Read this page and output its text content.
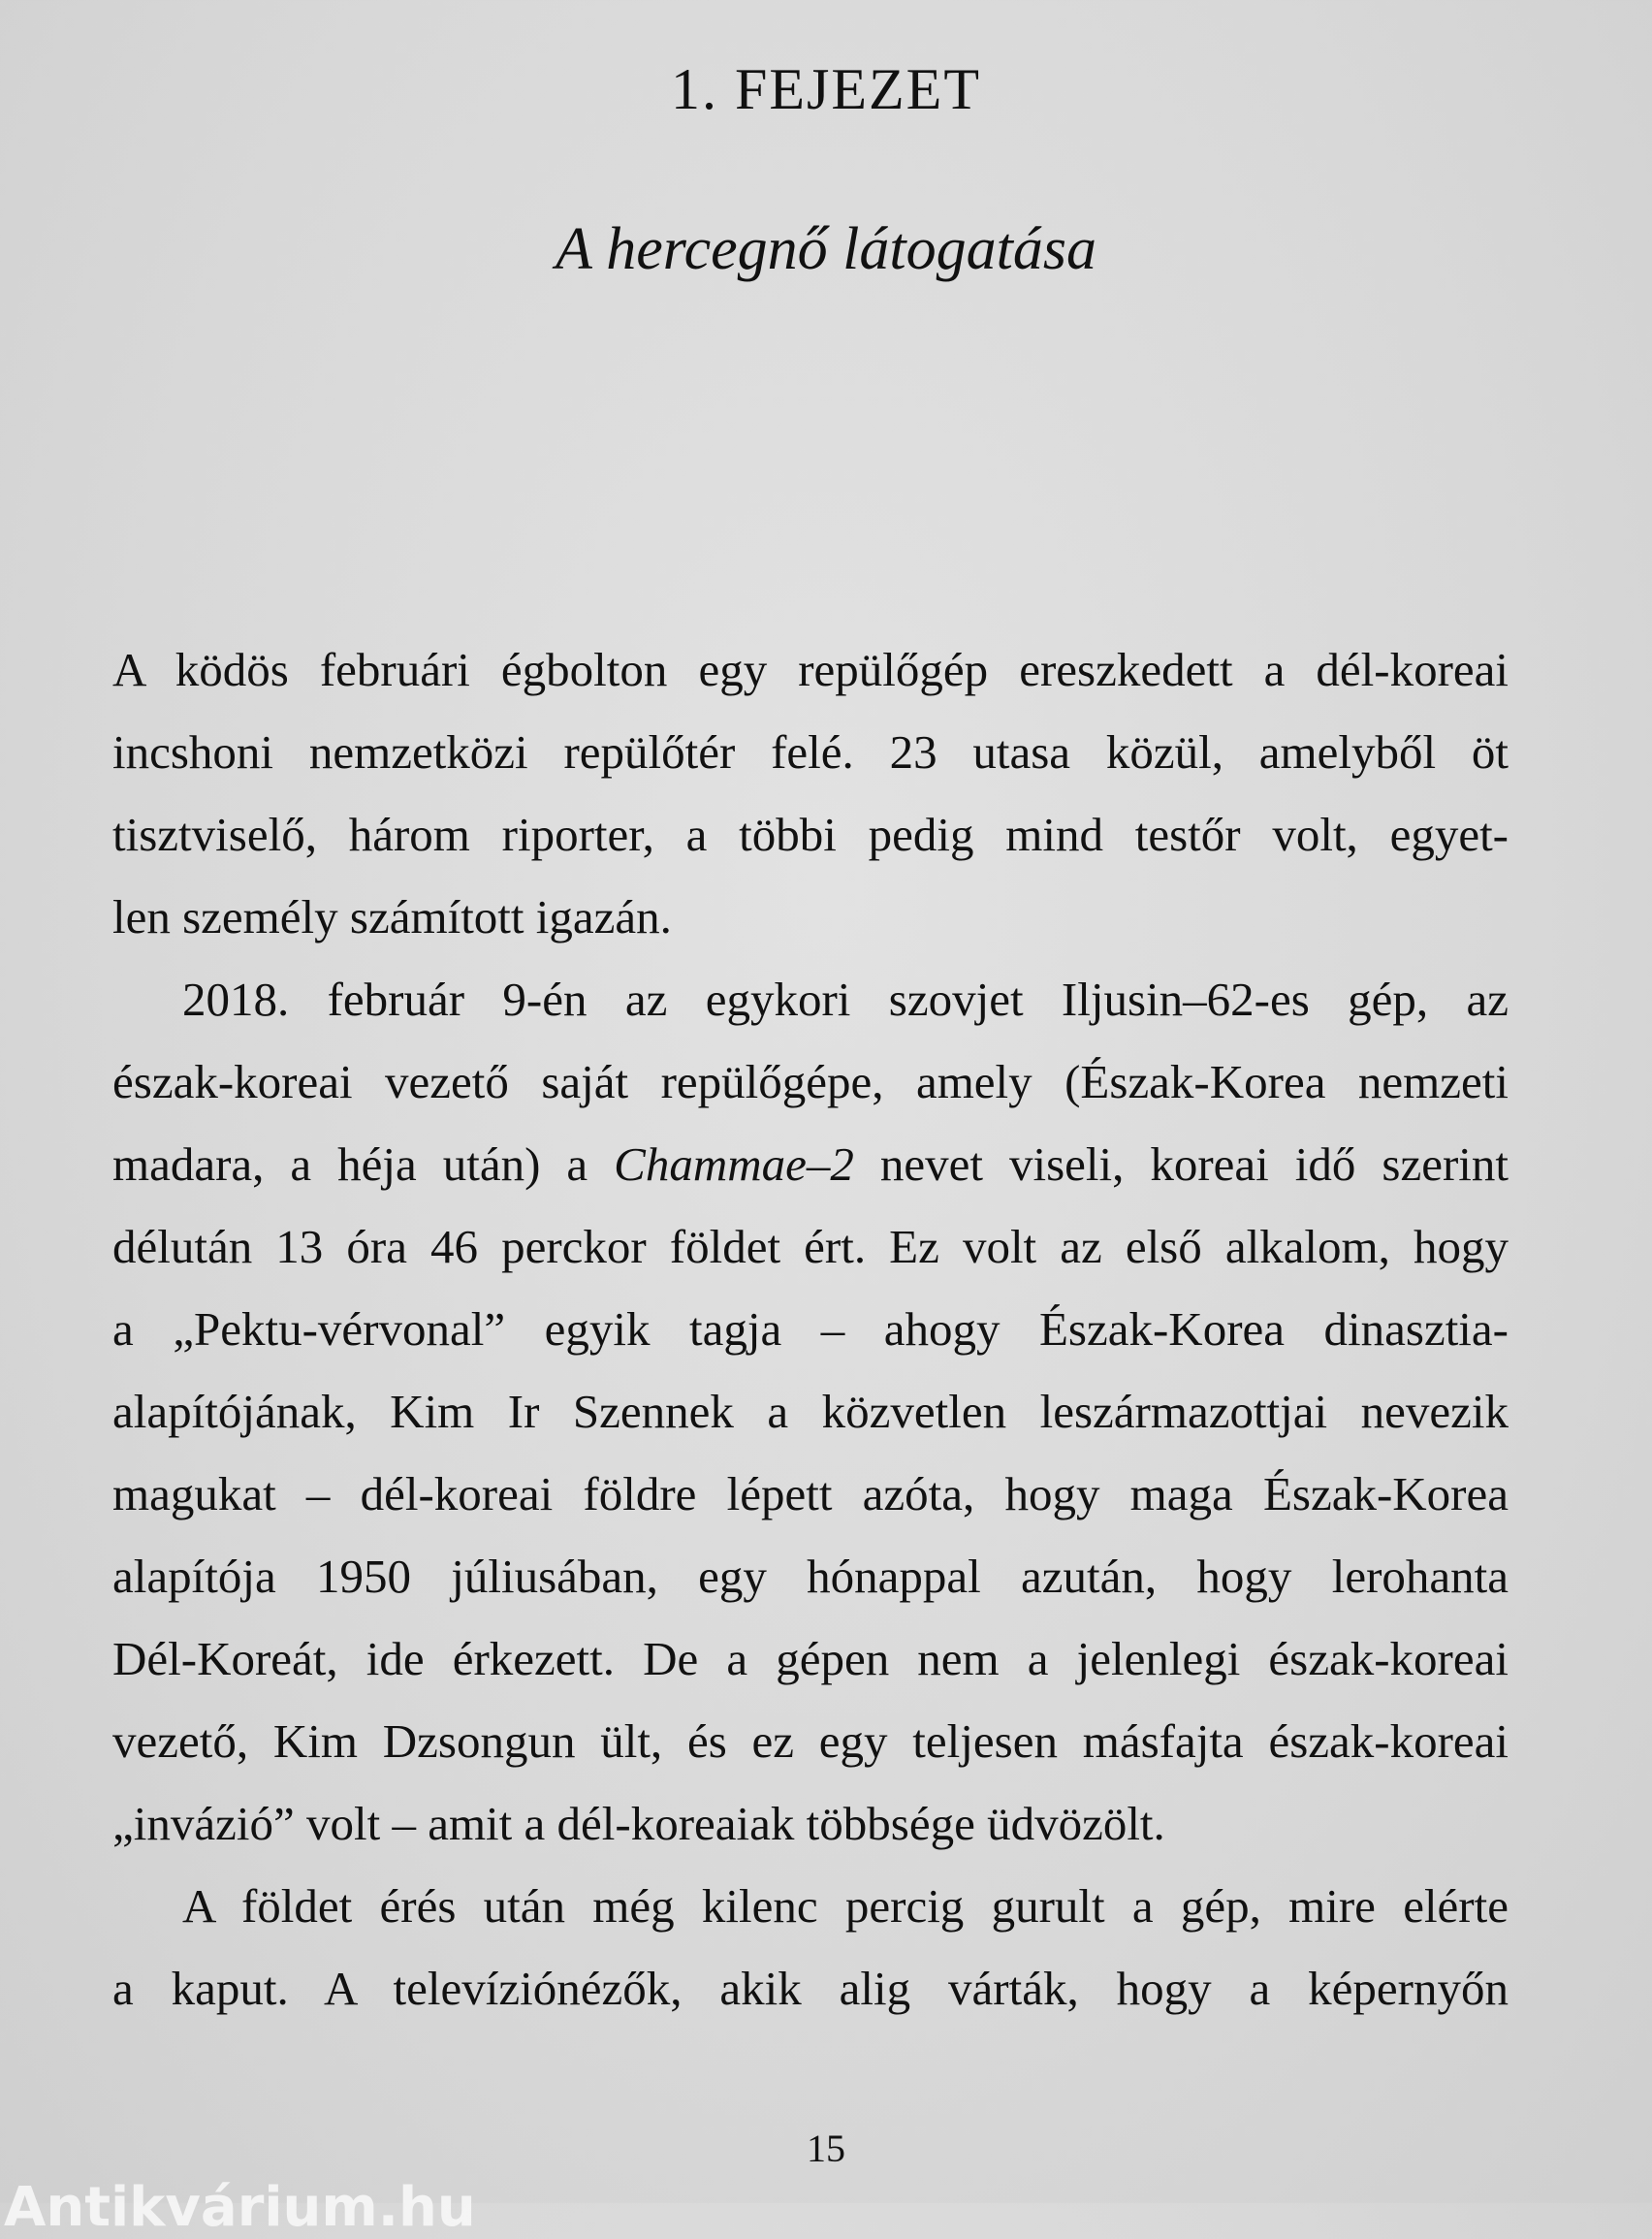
1. FEJEZET
A hercegnő látogatása
A ködös februári égbolton egy repülőgép ereszkedett a dél-koreai
incshoni nemzetközi repülőtér felé. 23 utasa közül, amelyből öt
tisztviselő, három riporter, a többi pedig mind testőr volt, egyet-
len személy számított igazán.
2018. február 9-én az egykori szovjet Iljusin–62-es gép, az
észak-koreai vezető saját repülőgépe, amely (Észak-Korea nemzeti
madara, a héja után) a Chammae–2 nevet viseli, koreai idő szerint
délután 13 óra 46 perckor földet ért. Ez volt az első alkalom, hogy
a „Pektu-vérvonal” egyik tagja – ahogy Észak-Korea dinasztia-
alapítójának, Kim Ir Szennek a közvetlen leszármazottjai nevezik
magukat – dél-koreai földre lépett azóta, hogy maga Észak-Korea
alapítója 1950 júliusában, egy hónappal azután, hogy lerohanta
Dél-Koreát, ide érkezett. De a gépen nem a jelenlegi észak-koreai
vezető, Kim Dzsongun ült, és ez egy teljesen másfajta észak-koreai
„invázió” volt – amit a dél-koreaiak többsége üdvözölt.
A földet érés után még kilenc percig gurult a gép, mire elérte
a kaput. A televíziónézők, akik alig várták, hogy a képernyőn
15
Antikvárium.hu
